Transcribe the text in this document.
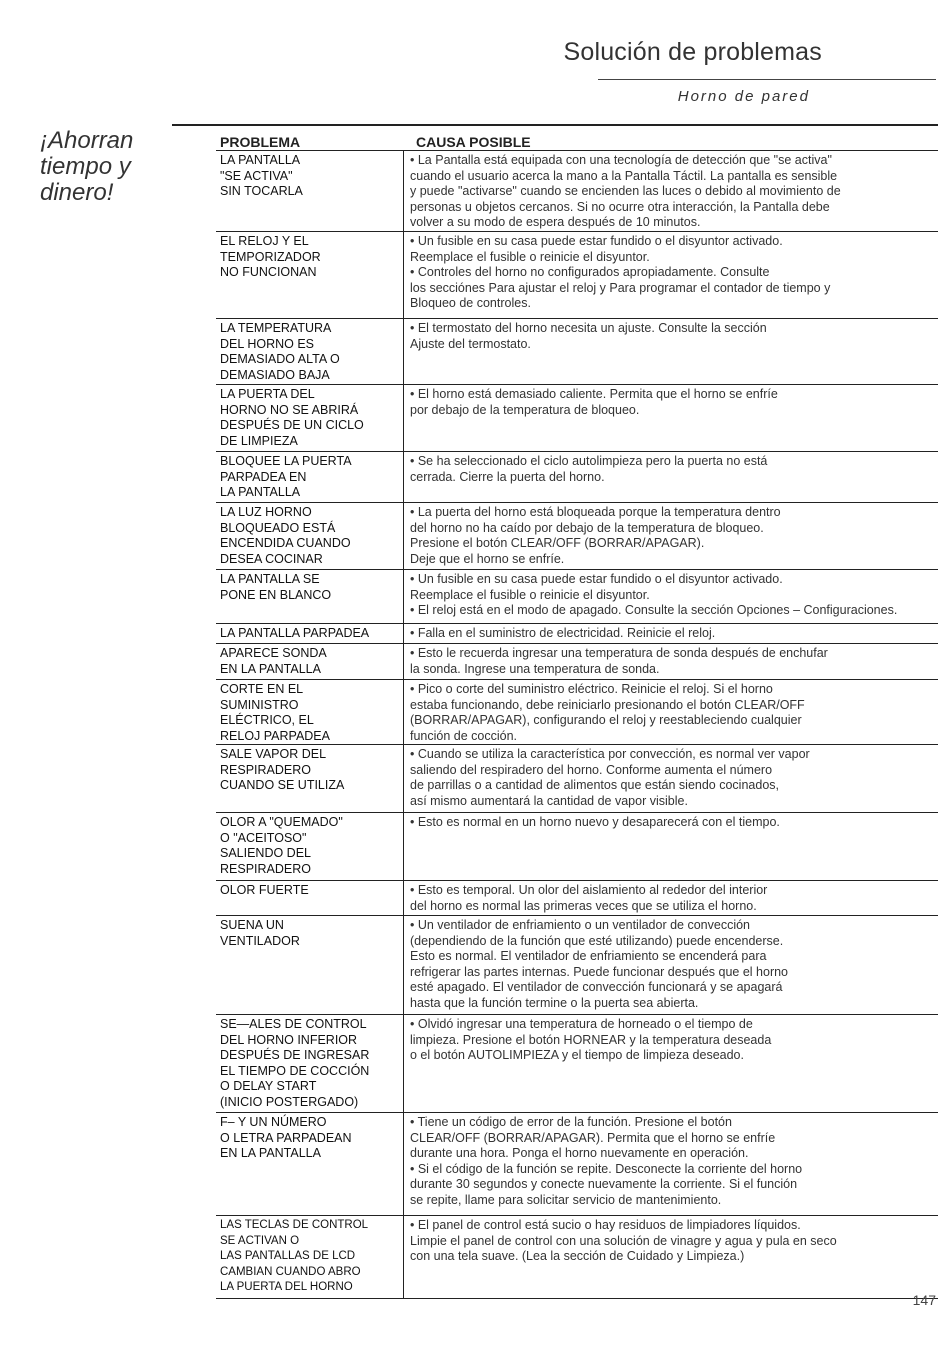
Solución de problemas
Horno de pared
¡Ahorran
tiempo y
dinero!
PROBLEMA	CAUSA POSIBLE
LA PANTALLA
"SE ACTIVA"
SIN TOCARLA
• La Pantalla está equipada con una tecnología de detección que "se activa"
cuando el usuario acerca la mano a la Pantalla Táctil. La pantalla es sensible
y puede "activarse" cuando se encienden las luces o debido al movimiento de
personas u objetos cercanos. Si no ocurre otra interacción, la Pantalla debe
volver a su modo de espera después de 10 minutos.
EL RELOJ Y EL
TEMPORIZADOR
NO FUNCIONAN
• Un fusible en su casa puede estar fundido o el disyuntor activado.
Reemplace el fusible o reinicie el disyuntor.
• Controles del horno no configurados apropiadamente. Consulte
los secciónes Para ajustar el reloj y Para programar el contador de tiempo y
Bloqueo de controles.
LA TEMPERATURA
DEL HORNO ES
DEMASIADO ALTA O
DEMASIADO BAJA
• El termostato del horno necesita un ajuste. Consulte la sección
Ajuste del termostato.
LA PUERTA DEL
HORNO NO SE ABRIRÁ
DESPUÉS DE UN CICLO
DE LIMPIEZA
• El horno está demasiado caliente. Permita que el horno se enfríe
por debajo de la temperatura de bloqueo.
BLOQUEE LA PUERTA
PARPADEA EN
LA PANTALLA
• Se ha seleccionado el ciclo autolimpieza pero la puerta no está
cerrada. Cierre la puerta del horno.
LA LUZ HORNO
BLOQUEADO ESTÁ
ENCENDIDA CUANDO
DESEA COCINAR
• La puerta del horno está bloqueada porque la temperatura dentro
del horno no ha caído por debajo de la temperatura de bloqueo.
Presione el botón CLEAR/OFF (BORRAR/APAGAR).
Deje que el horno se enfríe.
LA PANTALLA SE
PONE EN BLANCO
• Un fusible en su casa puede estar fundido o el disyuntor activado.
Reemplace el fusible o reinicie el disyuntor.
• El reloj está en el modo de apagado. Consulte la sección Opciones – Configuraciones.
LA PANTALLA PARPADEA	• Falla en el suministro de electricidad. Reinicie el reloj.
APARECE SONDA
EN LA PANTALLA
• Esto le recuerda ingresar una temperatura de sonda después de enchufar
la sonda. Ingrese una temperatura de sonda.
CORTE EN EL
SUMINISTRO
ELÉCTRICO, EL
RELOJ PARPADEA
• Pico o corte del suministro eléctrico. Reinicie el reloj. Si el horno
estaba funcionando, debe reiniciarlo presionando el botón CLEAR/OFF
(BORRAR/APAGAR), configurando el reloj y reestableciendo cualquier
función de cocción.
SALE VAPOR DEL
RESPIRADERO
CUANDO SE UTILIZA
• Cuando se utiliza la característica por convección, es normal ver vapor
saliendo del respiradero del horno. Conforme aumenta el número
de parrillas o a cantidad de alimentos que están siendo cocinados,
así mismo aumentará la cantidad de vapor visible.
OLOR A "QUEMADO"
O "ACEITOSO"
SALIENDO DEL
RESPIRADERO
• Esto es normal en un horno nuevo y desaparecerá con el tiempo.
OLOR FUERTE	• Esto es temporal. Un olor del aislamiento al rededor del interior
del horno es normal las primeras veces que se utiliza el horno.
SUENA UN
VENTILADOR
• Un ventilador de enfriamiento o un ventilador de convección
(dependiendo de la función que esté utilizando) puede encenderse.
Esto es normal. El ventilador de enfriamiento se encenderá para
refrigerar las partes internas. Puede funcionar después que el horno
esté apagado. El ventilador de convección funcionará y se apagará
hasta que la función termine o la puerta sea abierta.
SE—ALES DE CONTROL
DEL HORNO INFERIOR
DESPUÉS DE INGRESAR
EL TIEMPO DE COCCIÓN
O DELAY START
(INICIO POSTERGADO)
• Olvidó ingresar una temperatura de horneado o el tiempo de
limpieza. Presione el botón HORNEAR y la temperatura deseada
o el botón AUTOLIMPIEZA y el tiempo de limpieza deseado.
F– Y UN NÚMERO
O LETRA PARPADEAN
EN LA PANTALLA
• Tiene un código de error de la función. Presione el botón
CLEAR/OFF (BORRAR/APAGAR). Permita que el horno se enfríe
durante una hora. Ponga el horno nuevamente en operación.
• Si el código de la función se repite. Desconecte la corriente del horno
durante 30 segundos y conecte nuevamente la corriente. Si el función
se repite, llame para solicitar servicio de mantenimiento.
LAS TECLAS DE CONTROL
SE ACTIVAN O
LAS PANTALLAS DE LCD
CAMBIAN CUANDO ABRO
LA PUERTA DEL HORNO
• El panel de control está sucio o hay residuos de limpiadores líquidos.
Limpie el panel de control con una solución de vinagre y agua y pula en seco
con una tela suave. (Lea la sección de Cuidado y Limpieza.)
147
